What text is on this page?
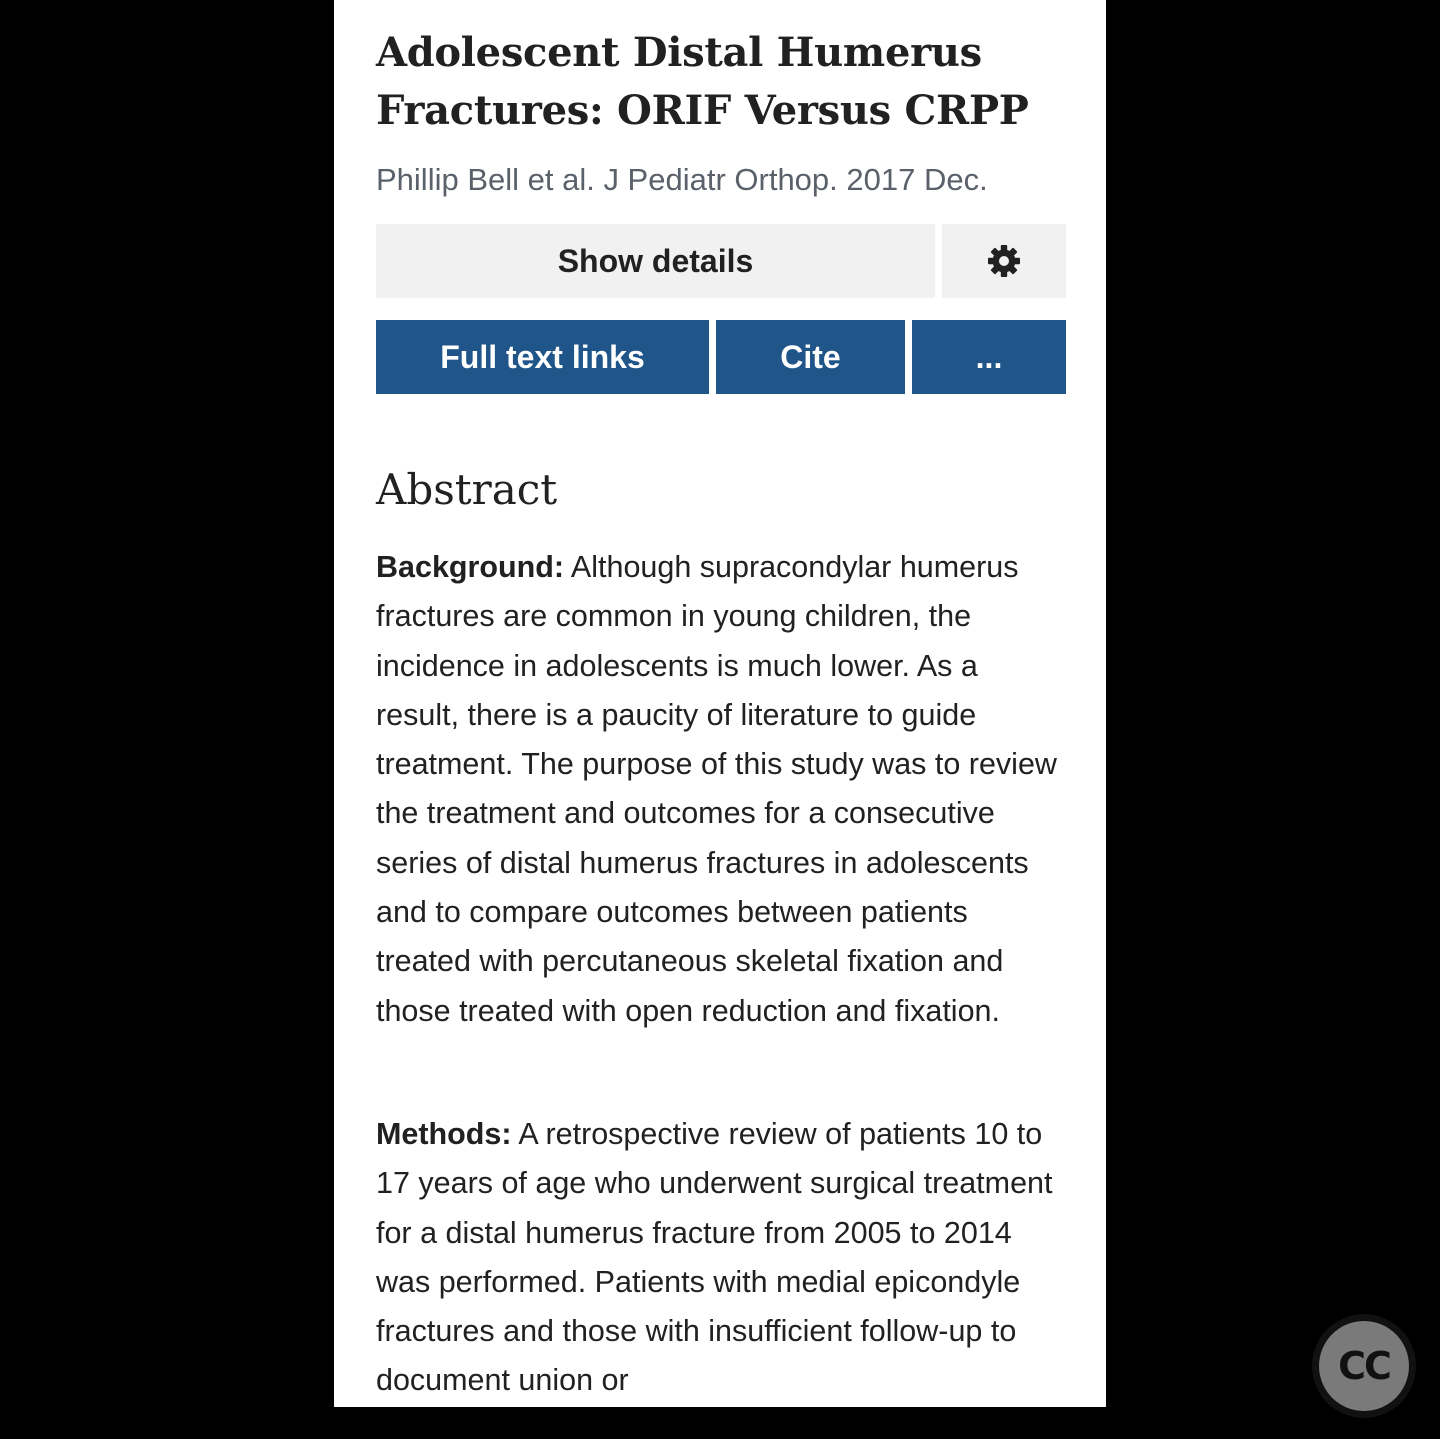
Adolescent Distal Humerus Fractures: ORIF Versus CRPP
Phillip Bell et al. J Pediatr Orthop. 2017 Dec.
Show details
Full text links	Cite	...
Abstract

Background: Although supracondylar humerus fractures are common in young children, the incidence in adolescents is much lower. As a result, there is a paucity of literature to guide treatment. The purpose of this study was to review the treatment and outcomes for a consecutive series of distal humerus fractures in adolescents and to compare outcomes between patients treated with percutaneous skeletal fixation and those treated with open reduction and fixation.

Methods: A retrospective review of patients 10 to 17 years of age who underwent surgical treatment for a distal humerus fracture from 2005 to 2014 was performed. Patients with medial epicondyle fractures and those with insufficient follow-up to document union or	CC
